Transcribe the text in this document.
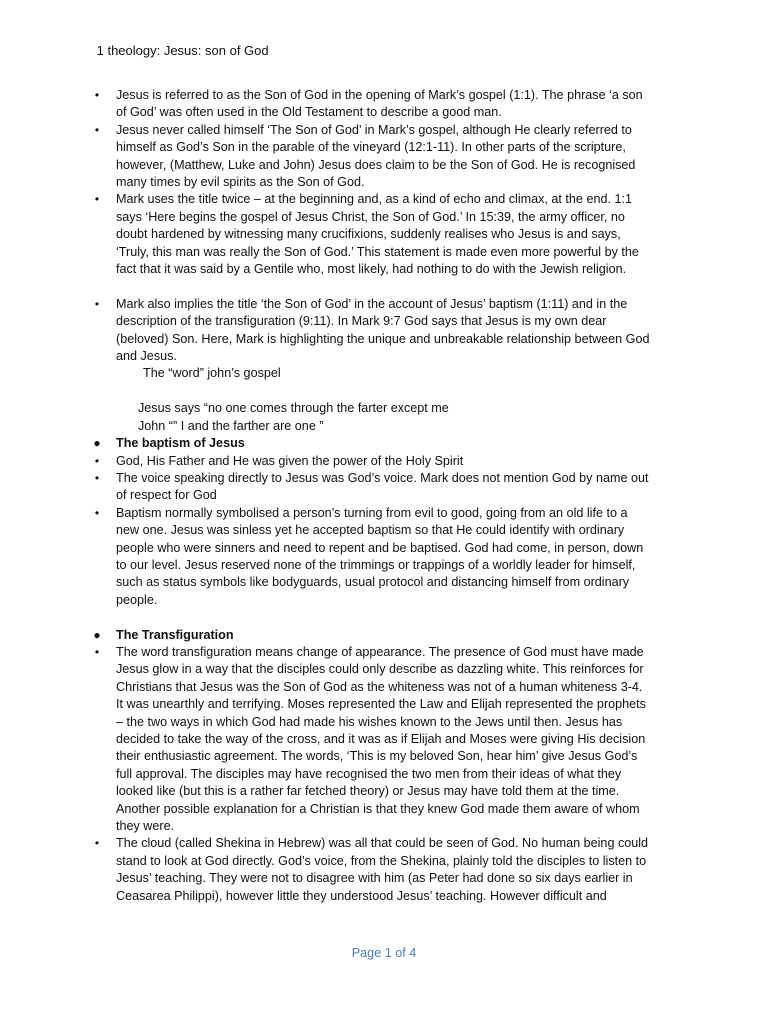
1 theology: Jesus: son of God
• Jesus is referred to as the Son of God in the opening of Mark’s gospel (1:1). The phrase ‘a son of God’ was often used in the Old Testament to describe a good man.
• Jesus never called himself ‘The Son of God’ in Mark’s gospel, although He clearly referred to himself as God’s Son in the parable of the vineyard (12:1-11). In other parts of the scripture, however, (Matthew, Luke and John) Jesus does claim to be the Son of God. He is recognised many times by evil spirits as the Son of God.
• Mark uses the title twice – at the beginning and, as a kind of echo and climax, at the end. 1:1 says ‘Here begins the gospel of Jesus Christ, the Son of God.’ In 15:39, the army officer, no doubt hardened by witnessing many crucifixions, suddenly realises who Jesus is and says, ‘Truly, this man was really the Son of God.’ This statement is made even more powerful by the fact that it was said by a Gentile who, most likely, had nothing to do with the Jewish religion.
• Mark also implies the title ‘the Son of God’ in the account of Jesus’ baptism (1:11) and in the description of the transfiguration (9:11). In Mark 9:7 God says that Jesus is my own dear (beloved) Son. Here, Mark is highlighting the unique and unbreakable relationship between God and Jesus.
The “word” john’s gospel
Jesus says “no one comes through the farter except me
John “” I and the farther are one ”
● The baptism of Jesus
• God, His Father and He was given the power of the Holy Spirit
• The voice speaking directly to Jesus was God’s voice. Mark does not mention God by name out of respect for God
• Baptism normally symbolised a person’s turning from evil to good, going from an old life to a new one. Jesus was sinless yet he accepted baptism so that He could identify with ordinary people who were sinners and need to repent and be baptised. God had come, in person, down to our level. Jesus reserved none of the trimmings or trappings of a worldly leader for himself, such as status symbols like bodyguards, usual protocol and distancing himself from ordinary people.
● The Transfiguration
• The word transfiguration means change of appearance. The presence of God must have made Jesus glow in a way that the disciples could only describe as dazzling white. This reinforces for Christians that Jesus was the Son of God as the whiteness was not of a human whiteness 3-4. It was unearthly and terrifying. Moses represented the Law and Elijah represented the prophets – the two ways in which God had made his wishes known to the Jews until then. Jesus has decided to take the way of the cross, and it was as if Elijah and Moses were giving His decision their enthusiastic agreement. The words, ‘This is my beloved Son, hear him’ give Jesus God’s full approval. The disciples may have recognised the two men from their ideas of what they looked like (but this is a rather far fetched theory) or Jesus may have told them at the time. Another possible explanation for a Christian is that they knew God made them aware of whom they were.
• The cloud (called Shekina in Hebrew) was all that could be seen of God. No human being could stand to look at God directly. God’s voice, from the Shekina, plainly told the disciples to listen to Jesus’ teaching. They were not to disagree with him (as Peter had done so six days earlier in Ceasarea Philippi), however little they understood Jesus’ teaching. However difficult and
Page 1 of 4
